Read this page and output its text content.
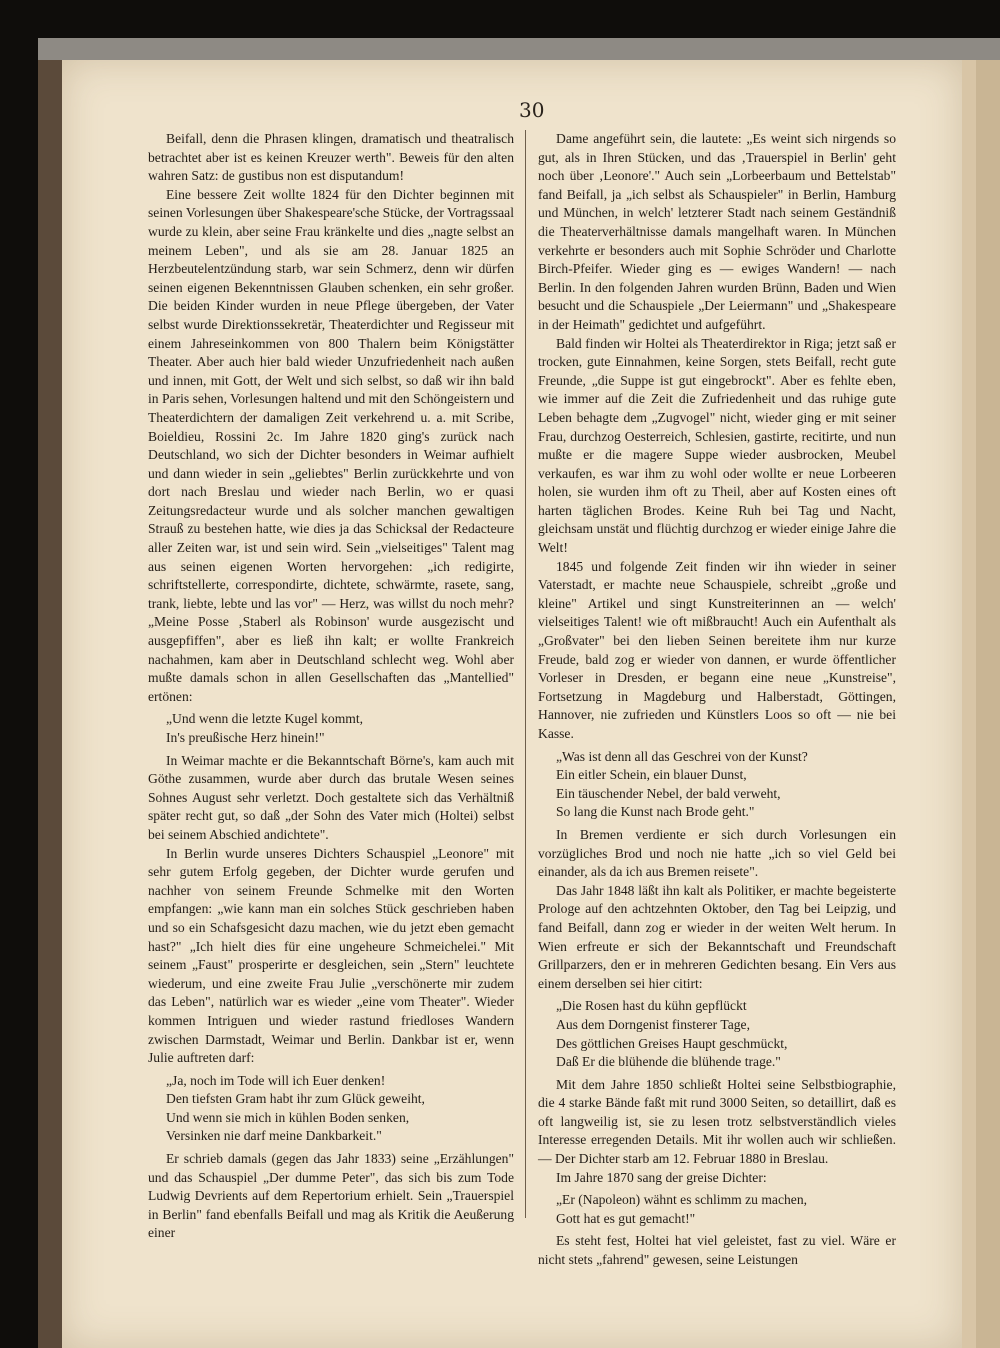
30

Beifall, denn die Phrasen klingen, dramatisch und theatralisch betrachtet aber ist es keinen Kreuzer werth". Beweis für den alten wahren Satz: de gustibus non est disputandum!

Eine bessere Zeit wollte 1824 für den Dichter beginnen mit seinen Vorlesungen über Shakespeare'sche Stücke, der Vortragssaal wurde zu klein, aber seine Frau kränkelte und dies „nagte selbst an meinem Leben", und als sie am 28. Januar 1825 an Herzbeutelentzündung starb, war sein Schmerz, denn wir dürfen seinen eigenen Bekenntnissen Glauben schenken, ein sehr großer. Die beiden Kinder wurden in neue Pflege übergeben, der Vater selbst wurde Direktionssekretär, Theaterdichter und Regisseur mit einem Jahreseinkommen von 800 Thalern beim Königstätter Theater. Aber auch hier bald wieder Unzufriedenheit nach außen und innen, mit Gott, der Welt und sich selbst, so daß wir ihn bald in Paris sehen, Vorlesungen haltend und mit den Schöngeistern und Theaterdichtern der damaligen Zeit verkehrend u. a. mit Scribe, Boieldieu, Rossini 2c. Im Jahre 1820 ging's zurück nach Deutschland, wo sich der Dichter besonders in Weimar aufhielt und dann wieder in sein „geliebtes" Berlin zurückkehrte und von dort nach Breslau und wieder nach Berlin, wo er quasi Zeitungsredacteur wurde und als solcher manchen gewaltigen Strauß zu bestehen hatte, wie dies ja das Schicksal der Redacteure aller Zeiten war, ist und sein wird. Sein „vielseitiges" Talent mag aus seinen eigenen Worten hervorgehen: „ich redigirte, schriftstellerte, correspondirte, dichtete, schwärmte, rasete, sang, trank, liebte, lebte und las vor" — Herz, was willst du noch mehr? „Meine Posse ‚Staberl als Robinson' wurde ausgezischt und ausgepfiffen", aber es ließ ihn kalt; er wollte Frankreich nachahmen, kam aber in Deutschland schlecht weg. Wohl aber mußte damals schon in allen Gesellschaften das „Mantellied" ertönen:

„Und wenn die letzte Kugel kommt,
In's preußische Herz hinein!"

In Weimar machte er die Bekanntschaft Börne's, kam auch mit Göthe zusammen, wurde aber durch das brutale Wesen seines Sohnes August sehr verletzt. Doch gestaltete sich das Verhältniß später recht gut, so daß „der Sohn des Vater mich (Holtei) selbst bei seinem Abschied andichtete".

In Berlin wurde unseres Dichters Schauspiel „Leonore" mit sehr gutem Erfolg gegeben, der Dichter wurde gerufen und nachher von seinem Freunde Schmelke mit den Worten empfangen: „wie kann man ein solches Stück geschrieben haben und so ein Schafsgesicht dazu machen, wie du jetzt eben gemacht hast?" „Ich hielt dies für eine ungeheure Schmeichelei." Mit seinem „Faust" prosperirte er desgleichen, sein „Stern" leuchtete wiederum, und eine zweite Frau Julie „verschönerte mir zudem das Leben", natürlich war es wieder „eine vom Theater". Wieder kommen Intriguen und wieder rastund friedloses Wandern zwischen Darmstadt, Weimar und Berlin. Dankbar ist er, wenn Julie auftreten darf:

„Ja, noch im Tode will ich Euer denken!
Den tiefsten Gram habt ihr zum Glück geweiht,
Und wenn sie mich in kühlen Boden senken,
Versinken nie darf meine Dankbarkeit."

Er schrieb damals (gegen das Jahr 1833) seine „Erzählungen" und das Schauspiel „Der dumme Peter", das sich bis zum Tode Ludwig Devrients auf dem Repertorium erhielt. Sein „Trauerspiel in Berlin" fand ebenfalls Beifall und mag als Kritik die Aeußerung einer

Dame angeführt sein, die lautete: „Es weint sich nirgends so gut, als in Ihren Stücken, und das ‚Trauerspiel in Berlin' geht noch über ‚Leonore'." Auch sein „Lorbeerbaum und Bettelstab" fand Beifall, ja „ich selbst als Schauspieler" in Berlin, Hamburg und München, in welch' letzterer Stadt nach seinem Geständniß die Theaterverhältnisse damals mangelhaft waren. In München verkehrte er besonders auch mit Sophie Schröder und Charlotte Birch-Pfeifer. Wieder ging es — ewiges Wandern! — nach Berlin. In den folgenden Jahren wurden Brünn, Baden und Wien besucht und die Schauspiele „Der Leiermann" und „Shakespeare in der Heimath" gedichtet und aufgeführt.

Bald finden wir Holtei als Theaterdirektor in Riga; jetzt saß er trocken, gute Einnahmen, keine Sorgen, stets Beifall, recht gute Freunde, „die Suppe ist gut eingebrockt". Aber es fehlte eben, wie immer auf die Zeit die Zufriedenheit und das ruhige gute Leben behagte dem „Zugvogel" nicht, wieder ging er mit seiner Frau, durchzog Oesterreich, Schlesien, gastirte, recitirte, und nun mußte er die magere Suppe wieder ausbrocken, Meubel verkaufen, es war ihm zu wohl oder wollte er neue Lorbeeren holen, sie wurden ihm oft zu Theil, aber auf Kosten eines oft harten täglichen Brodes. Keine Ruh bei Tag und Nacht, gleichsam unstät und flüchtig durchzog er wieder einige Jahre die Welt!

1845 und folgende Zeit finden wir ihn wieder in seiner Vaterstadt, er machte neue Schauspiele, schreibt „große und kleine" Artikel und singt Kunstreiterinnen an — welch' vielseitiges Talent! wie oft mißbraucht! Auch ein Aufenthalt als „Großvater" bei den lieben Seinen bereitete ihm nur kurze Freude, bald zog er wieder von dannen, er wurde öffentlicher Vorleser in Dresden, er begann eine neue „Kunstreise", Fortsetzung in Magdeburg und Halberstadt, Göttingen, Hannover, nie zufrieden und Künstlers Loos so oft — nie bei Kasse.

„Was ist denn all das Geschrei von der Kunst?
Ein eitler Schein, ein blauer Dunst,
Ein täuschender Nebel, der bald verweht,
So lang die Kunst nach Brode geht."

In Bremen verdiente er sich durch Vorlesungen ein vorzügliches Brod und noch nie hatte „ich so viel Geld bei einander, als da ich aus Bremen reisete".

Das Jahr 1848 läßt ihn kalt als Politiker, er machte begeisterte Prologe auf den achtzehnten Oktober, den Tag bei Leipzig, und fand Beifall, dann zog er wieder in der weiten Welt herum. In Wien erfreute er sich der Bekanntschaft und Freundschaft Grillparzers, den er in mehreren Gedichten besang. Ein Vers aus einem derselben sei hier citirt:

„Die Rosen hast du kühn gepflückt
Aus dem Dorngenist finsterer Tage,
Des göttlichen Greises Haupt geschmückt,
Daß Er die blühende die blühende trage."

Mit dem Jahre 1850 schließt Holtei seine Selbstbiographie, die 4 starke Bände faßt mit rund 3000 Seiten, so detaillirt, daß es oft langweilig ist, sie zu lesen trotz selbstverständlich vieles Interesse erregenden Details. Mit ihr wollen auch wir schließen. — Der Dichter starb am 12. Februar 1880 in Breslau.

Im Jahre 1870 sang der greise Dichter:

„Er (Napoleon) wähnt es schlimm zu machen,
Gott hat es gut gemacht!"

Es steht fest, Holtei hat viel geleistet, fast zu viel. Wäre er nicht stets „fahrend" gewesen, seine Leistungen
